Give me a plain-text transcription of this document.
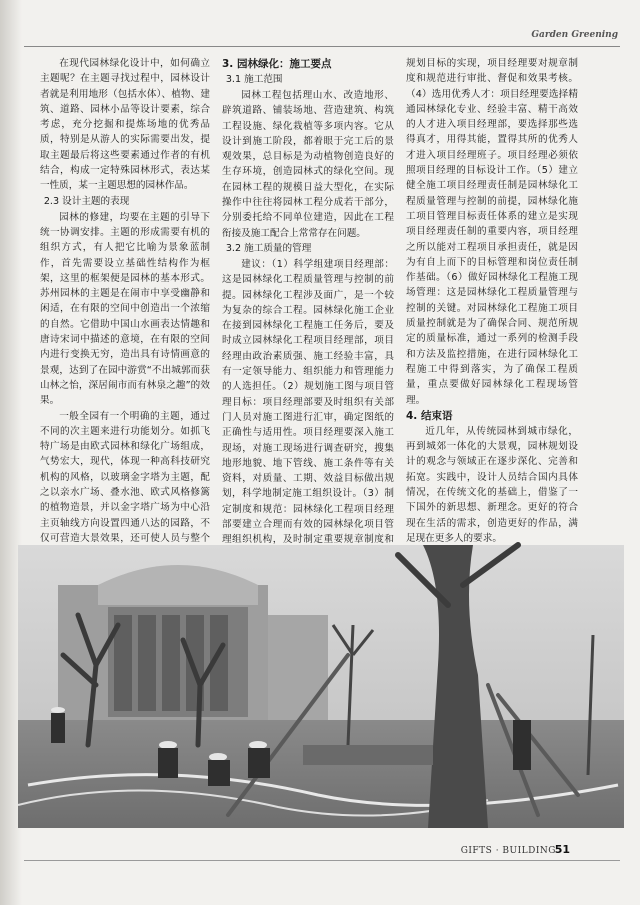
Garden Greening

在现代园林绿化设计中，如何确立主题呢？在主题寻找过程中，园林设计者就是利用地形（包括水体）、植物、建筑、道路、园林小品等设计要素，综合考虑，充分挖掘和提炼场地的优秀品质，特别是从游人的实际需要出发，提取主题最后将这些要素通过作者的有机结合，构成一定特殊园林形式，表达某一性质，某一主题思想的园林作品。

2.3 设计主题的表现

园林的修建，均要在主题的引导下统一协调安排。主题的形成需要有机的组织方式，有人把它比喻为景象蓝制作，首先需要设立基础性结构作为框架，这里的框架便是园林的基本形式。苏州园林的主题是在闹市中享受幽静和闲适，在有限的空间中创造出一个浓缩的自然。它借助中国山水画表达情趣和唐诗宋词中描述的意境，在有限的空间内进行变换无穷，造出具有诗情画意的景观，达到了在园中游赏“不出城郭而获山林之怡，深居闹市而有林泉之趣”的效果。

一般全园有一个明确的主题，通过不同的次主题来进行功能划分。如抓飞特广场是由欧式园林和绿化广场组成，气势宏大，现代，体现一种高科技研究机构的风格，以玻璃金字塔为主题，配之以亲水广场、叠水池、欧式风格修篱的植物造景，并以金字塔广场为中心沿主页轴线方向设置四通八达的园路，不仅可营造大景效果，还可使人员与整个

3. 园林绿化：施工要点
3.1 施工范围

园林工程包括理山水、改造地形、辟筑道路、铺装场地、营造建筑、构筑工程设施、绿化栽植等多项内容。它从设计到施工阶段，都着眼于完工后的景观效果，总目标是为动植物创造良好的生存环境，创造园林式的绿化空间。现在园林工程的规模日益大型化，在实际操作中往往将园林工程分成若干部分，分别委托给不同单位建造，因此在工程衔接及施工配合上常常存在问题。

3.2 施工质量的管理

建议：（1）科学组建项目经理部：这是园林绿化工程质量管理与控制的前提。园林绿化工程涉及面广，是一个较为复杂的综合工程。园林绿化施工企业在接到园林绿化工程施工任务后，要及时成立园林绿化工程项目经理部，项目经理由政治素质强、施工经验丰富，具有一定领导能力、组织能力和管理能力的人选担任。（2）规划施工图与项目管理目标：项目经理部要及时组织有关部门人员对施工图进行汇审，确定图纸的正确性与适用性。项目经理要深入施工现场，对施工现场进行调查研究，搜集地形地貌、地下管线、施工条件等有关资料，对质量、工期、效益目标做出规划，科学地制定施工组织设计。（3）制定制度和规范：园林绿化工程项目经理部要建立合理而有效的园林绿化项目管理组织机构，及时制定重要规章制度和

规划目标的实现，项目经理要对规章制度和规范进行审批、督促和效果考核。（4）选用优秀人才：项目经理要选择精通园林绿化专业、经验丰富、精干高效的人才进入项目经理部，要选择那些选得真才，用得其能，置得其所的优秀人才进入项目经理班子。项目经理必须依照项目经理的目标设计工作。（5）建立健全施工项目经理责任制是园林绿化工程质量管理与控制的前提，园林绿化施工项目管理目标责任体系的建立是实现项目经理责任制的重要内容，项目经理之所以能对工程项目承担责任，就是因为有自上而下的目标管理和岗位责任制作基础。（6）做好园林绿化工程施工现场管理：这是园林绿化工程质量管理与控制的关键。对园林绿化工程施工项目质量控制就是为了确保合同、规范所规定的质量标准，通过一系列的检测手段和方法及监控措施，在进行园林绿化工程施工中得到落实，为了确保工程质量，重点要做好园林绿化工程现场管理。

4. 结束语

近几年，从传统园林到城市绿化，再到城郊一体化的大景观，园林规划设计的观念与领域正在逐步深化、完善和拓宽。实践中，设计人员结合国内具体情况，在传统文化的基础上，借鉴了一下国外的新思想、新理念。更好的符合现在生活的需求，创造更好的作品，满足现在更多人的要求。

GIFTS · BUILDING
51
